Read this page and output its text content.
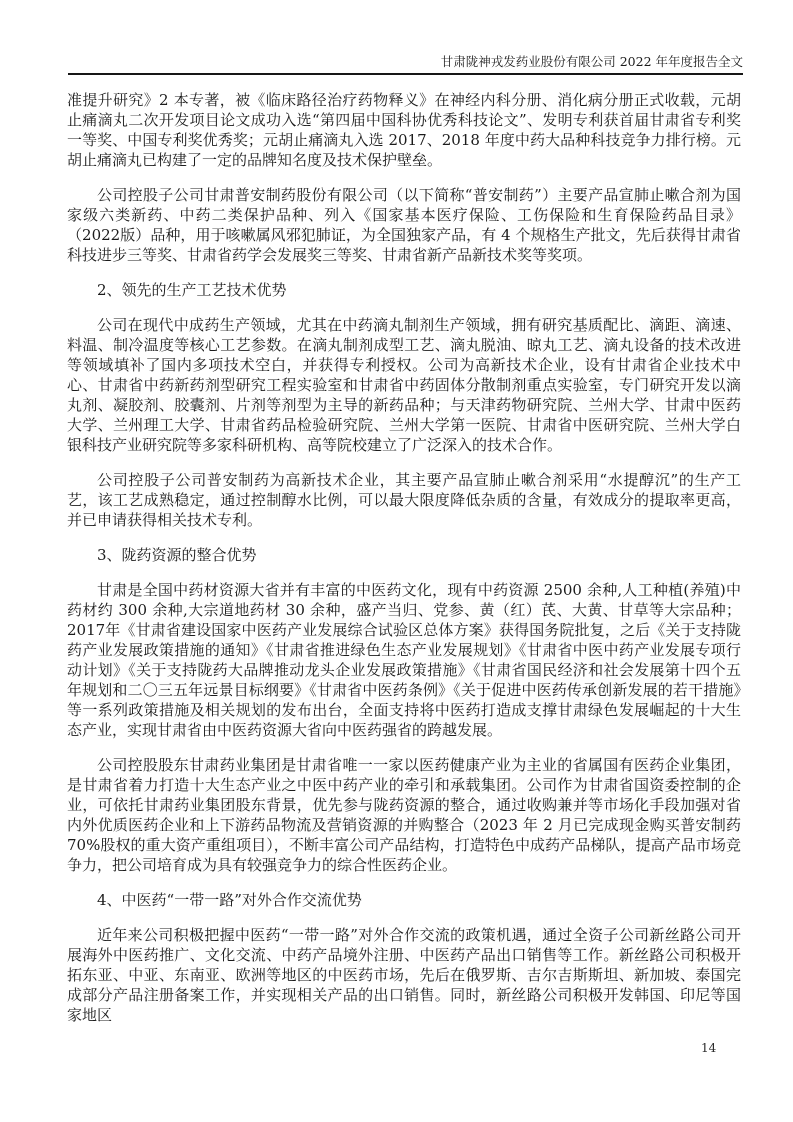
甘肃陇神戎发药业股份有限公司 2022 年年度报告全文

准提升研究》2 本专著，被《临床路径治疗药物释义》在神经内科分册、消化病分册正式收载，元胡止痛滴丸二次开发项目论文成功入选“第四届中国科协优秀科技论文”、发明专利获首届甘肃省专利奖一等奖、中国专利奖优秀奖；元胡止痛滴丸入选 2017、2018 年度中药大品种科技竞争力排行榜。元胡止痛滴丸已构建了一定的品牌知名度及技术保护壁垒。

公司控股子公司甘肃普安制药股份有限公司（以下简称“普安制药”）主要产品宣肺止嗽合剂为国家级六类新药、中药二类保护品种、列入《国家基本医疗保险、工伤保险和生育保险药品目录》（2022版）品种，用于咳嗽属风邪犯肺证，为全国独家产品，有 4 个规格生产批文，先后获得甘肃省科技进步三等奖、甘肃省药学会发展奖三等奖、甘肃省新产品新技术奖等奖项。

2、领先的生产工艺技术优势

公司在现代中成药生产领域，尤其在中药滴丸制剂生产领域，拥有研究基质配比、滴距、滴速、料温、制冷温度等核心工艺参数。在滴丸制剂成型工艺、滴丸脱油、晾丸工艺、滴丸设备的技术改进等领域填补了国内多项技术空白，并获得专利授权。公司为高新技术企业，设有甘肃省企业技术中心、甘肃省中药新药剂型研究工程实验室和甘肃省中药固体分散制剂重点实验室，专门研究开发以滴丸剂、凝胶剂、胶囊剂、片剂等剂型为主导的新药品种；与天津药物研究院、兰州大学、甘肃中医药大学、兰州理工大学、甘肃省药品检验研究院、兰州大学第一医院、甘肃省中医研究院、兰州大学白银科技产业研究院等多家科研机构、高等院校建立了广泛深入的技术合作。

公司控股子公司普安制药为高新技术企业，其主要产品宣肺止嗽合剂采用“水提醇沉”的生产工艺，该工艺成熟稳定，通过控制醇水比例，可以最大限度降低杂质的含量，有效成分的提取率更高，并已申请获得相关技术专利。

3、陇药资源的整合优势

甘肃是全国中药材资源大省并有丰富的中医药文化，现有中药资源 2500 余种,人工种植(养殖)中药材约 300 余种,大宗道地药材 30 余种，盛产当归、党参、黄（红）芪、大黄、甘草等大宗品种；2017年《甘肃省建设国家中医药产业发展综合试验区总体方案》获得国务院批复，之后《关于支持陇药产业发展政策措施的通知》《甘肃省推进绿色生态产业发展规划》《甘肃省中医中药产业发展专项行动计划》《关于支持陇药大品牌推动龙头企业发展政策措施》《甘肃省国民经济和社会发展第十四个五年规划和二〇三五年远景目标纲要》《甘肃省中医药条例》《关于促进中医药传承创新发展的若干措施》等一系列政策措施及相关规划的发布出台，全面支持将中医药打造成支撑甘肃绿色发展崛起的十大生态产业，实现甘肃省由中医药资源大省向中医药强省的跨越发展。

公司控股股东甘肃药业集团是甘肃省唯一一家以医药健康产业为主业的省属国有医药企业集团，是甘肃省着力打造十大生态产业之中医中药产业的牵引和承载集团。公司作为甘肃省国资委控制的企业，可依托甘肃药业集团股东背景，优先参与陇药资源的整合，通过收购兼并等市场化手段加强对省内外优质医药企业和上下游药品物流及营销资源的并购整合（2023 年 2 月已完成现金购买普安制药 70%股权的重大资产重组项目），不断丰富公司产品结构，打造特色中成药产品梯队，提高产品市场竞争力，把公司培育成为具有较强竞争力的综合性医药企业。

4、中医药“一带一路”对外合作交流优势

近年来公司积极把握中医药“一带一路”对外合作交流的政策机遇，通过全资子公司新丝路公司开展海外中医药推广、文化交流、中药产品境外注册、中医药产品出口销售等工作。新丝路公司积极开拓东亚、中亚、东南亚、欧洲等地区的中医药市场，先后在俄罗斯、吉尔吉斯斯坦、新加坡、泰国完成部分产品注册备案工作，并实现相关产品的出口销售。同时，新丝路公司积极开发韩国、印尼等国家地区

14
